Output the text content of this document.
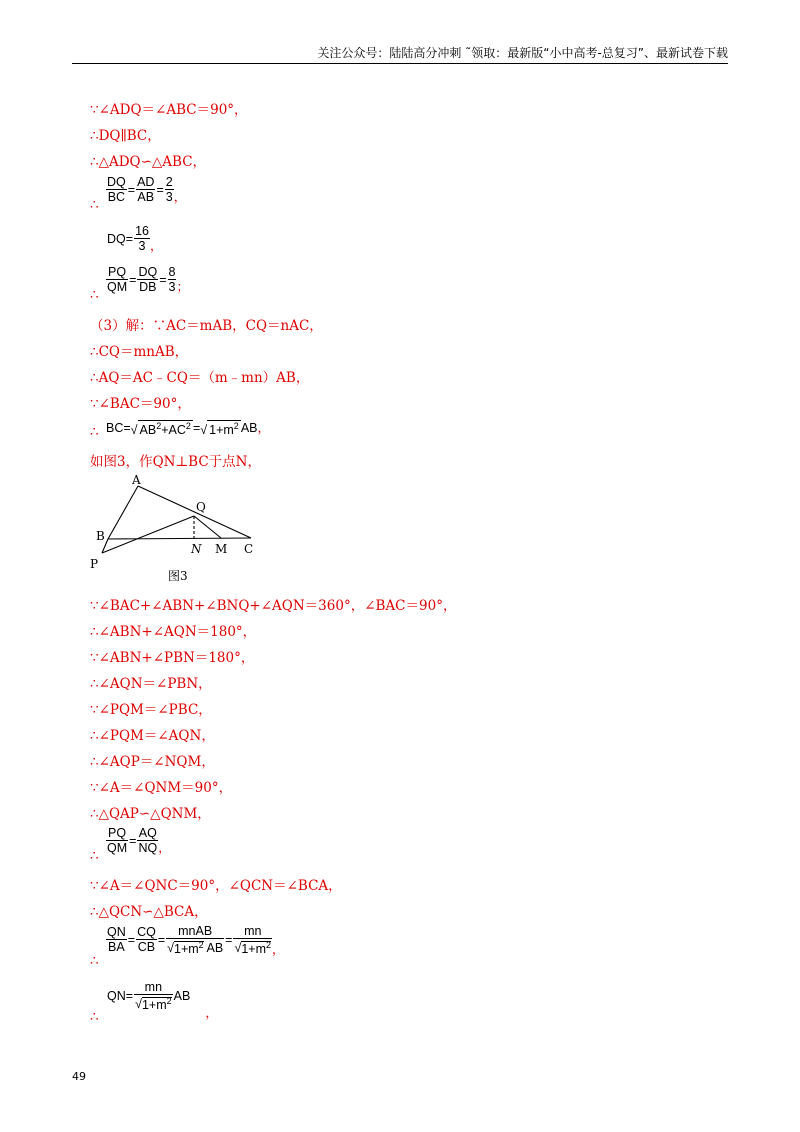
关注公众号：陆陆高分冲刺 ˜领取：最新版“小中高考-总复习”、最新试卷下载
∵∠ADQ＝∠ABC＝90°，
∴DQ∥BC，
∴△ADQ∽△ABC，
∴
$\frac{DQ}{BC} = \frac{AD}{AB} = \frac{2}{3}$ ，
$DQ= \frac{16}{3}$ ，
∴
$\frac{PQ}{QM} = \frac{DQ}{DB} = \frac{8}{3}$ ；
（3）解：∵AC＝mAB，CQ＝nAC，
∴CQ＝mnAB，
∴AQ＝AC﹣CQ＝（m﹣mn）AB，
∵∠BAC＝90°，
∴ BC=√ $AB^2+AC^2$ =√ $1+m^2$ AB，
如图3，作QN⊥BC于点N，
A
B
P
Q
N M C
图3
∵∠BAC+∠ABN+∠BNQ+∠AQN＝360°，∠BAC＝90°，
∴∠ABN+∠AQN＝180°，
∵∠ABN+∠PBN＝180°，
∴∠AQN＝∠PBN，
∵∠PQM＝∠PBC，
∴∠PQM＝∠AQN，
∴∠AQP＝∠NQM，
∵∠A＝∠QNM＝90°，
∴△QAP∽△QNM，
∴
$\frac{PQ}{QM} = \frac{AQ}{NQ}$ ，
∵∠A＝∠QNC＝90°，∠QCN＝∠BCA，
∴△QCN∽△BCA，
∴
$\frac{QN}{BA} = \frac{CQ}{CB} = \frac{\text{mnAB}}{√1+m^2 AB} = \frac{mn}{√1+m^2}$ ，
∴
$QN= \frac{mn}{√1+m^2}$ AB，
49
